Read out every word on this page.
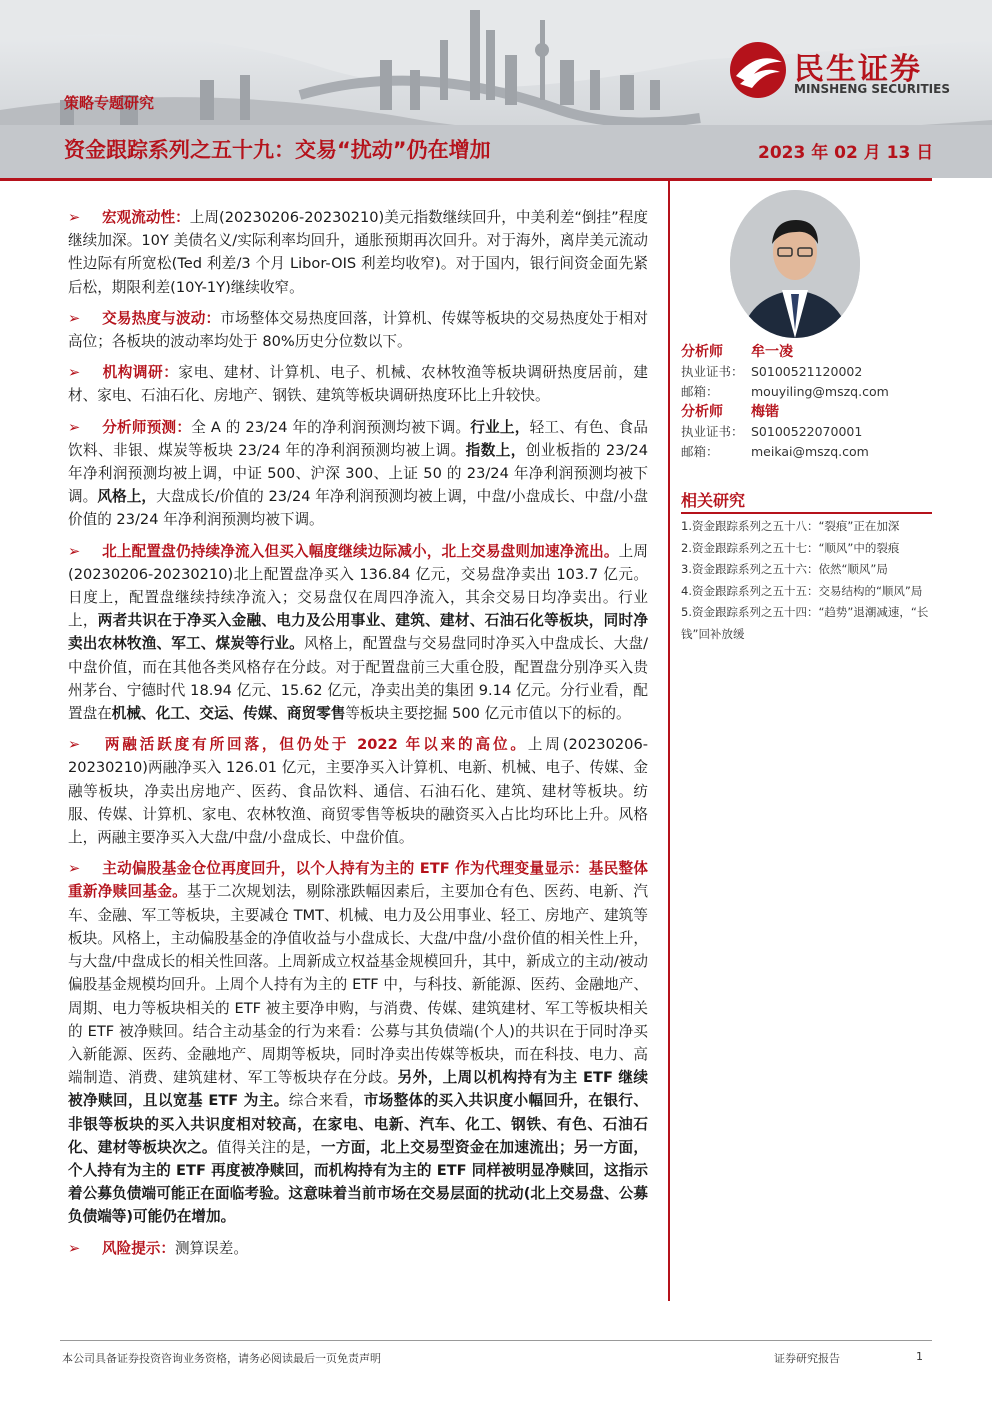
民生证券
MINSHENG SECURITIES
策略专题研究
资金跟踪系列之五十九：交易“扰动”仍在增加	2023 年 02 月 13 日

➢ 宏观流动性：上周(20230206-20230210)美元指数继续回升，中美利差“倒挂”程度继续加深。10Y 美债名义/实际利率均回升，通胀预期再次回升。对于海外，离岸美元流动性边际有所宽松(Ted 利差/3 个月 Libor-OIS 利差均收窄)。对于国内，银行间资金面先紧后松，期限利差(10Y-1Y)继续收窄。

➢ 交易热度与波动：市场整体交易热度回落，计算机、传媒等板块的交易热度处于相对高位；各板块的波动率均处于 80%历史分位数以下。

➢ 机构调研：家电、建材、计算机、电子、机械、农林牧渔等板块调研热度居前，建材、家电、石油石化、房地产、钢铁、建筑等板块调研热度环比上升较快。

➢ 分析师预测：全 A 的 23/24 年的净利润预测均被下调。行业上，轻工、有色、食品饮料、非银、煤炭等板块 23/24 年的净利润预测均被上调。指数上，创业板指的 23/24 年净利润预测均被上调，中证 500、沪深 300、上证 50 的 23/24 年净利润预测均被下调。风格上，大盘成长/价值的 23/24 年净利润预测均被上调，中盘/小盘成长、中盘/小盘价值的 23/24 年净利润预测均被下调。

➢ 北上配置盘仍持续净流入但买入幅度继续边际减小，北上交易盘则加速净流出。上周(20230206-20230210)北上配置盘净买入 136.84 亿元，交易盘净卖出 103.7 亿元。日度上，配置盘继续持续净流入；交易盘仅在周四净流入，其余交易日均净卖出。行业上，两者共识在于净买入金融、电力及公用事业、建筑、建材、石油石化等板块，同时净卖出农林牧渔、军工、煤炭等行业。风格上，配置盘与交易盘同时净买入中盘成长、大盘/中盘价值，而在其他各类风格存在分歧。对于配置盘前三大重仓股，配置盘分别净买入贵州茅台、宁德时代 18.94 亿元、15.62 亿元，净卖出美的集团 9.14 亿元。分行业看，配置盘在机械、化工、交运、传媒、商贸零售等板块主要挖掘 500 亿元市值以下的标的。

➢ 两融活跃度有所回落，但仍处于 2022 年以来的高位。上周(20230206-20230210)两融净买入 126.01 亿元，主要净买入计算机、电新、机械、电子、传媒、金融等板块，净卖出房地产、医药、食品饮料、通信、石油石化、建筑、建材等板块。纺服、传媒、计算机、家电、农林牧渔、商贸零售等板块的融资买入占比均环比上升。风格上，两融主要净买入大盘/中盘/小盘成长、中盘价值。

➢ 主动偏股基金仓位再度回升，以个人持有为主的 ETF 作为代理变量显示：基民整体重新净赎回基金。基于二次规划法，剔除涨跌幅因素后，主要加仓有色、医药、电新、汽车、金融、军工等板块，主要减仓 TMT、机械、电力及公用事业、轻工、房地产、建筑等板块。风格上，主动偏股基金的净值收益与小盘成长、大盘/中盘/小盘价值的相关性上升，与大盘/中盘成长的相关性回落。上周新成立权益基金规模回升，其中，新成立的主动/被动偏股基金规模均回升。上周个人持有为主的 ETF 中，与科技、新能源、医药、金融地产、周期、电力等板块相关的 ETF 被主要净申购，与消费、传媒、建筑建材、军工等板块相关的 ETF 被净赎回。结合主动基金的行为来看：公募与其负债端(个人)的共识在于同时净买入新能源、医药、金融地产、周期等板块，同时净卖出传媒等板块，而在科技、电力、高端制造、消费、建筑建材、军工等板块存在分歧。另外，上周以机构持有为主 ETF 继续被净赎回，且以宽基 ETF 为主。综合来看，市场整体的买入共识度小幅回升，在银行、非银等板块的买入共识度相对较高，在家电、电新、汽车、化工、钢铁、有色、石油石化、建材等板块次之。值得关注的是，一方面，北上交易型资金在加速流出；另一方面，个人持有为主的 ETF 再度被净赎回，而机构持有为主的 ETF 同样被明显净赎回，这指示着公募负债端可能正在面临考验。这意味着当前市场在交易层面的扰动(北上交易盘、公募负债端等)可能仍在增加。

➢ 风险提示：测算误差。

分析师 牟一凌
执业证书： S0100521120002
邮箱：	mouyiling@mszq.com
分析师 梅锴
执业证书： S0100522070001
邮箱：	meikai@mszq.com
相关研究
1.资金跟踪系列之五十八：“裂痕”正在加深
2.资金跟踪系列之五十七：“顺风”中的裂痕
3.资金跟踪系列之五十六：依然“顺风”局
4.资金跟踪系列之五十五：交易结构的“顺风”局
5.资金跟踪系列之五十四：“趋势”退潮减速，“长钱”回补放缓
本公司具备证券投资咨询业务资格，请务必阅读最后一页免责声明	证券研究报告	1
